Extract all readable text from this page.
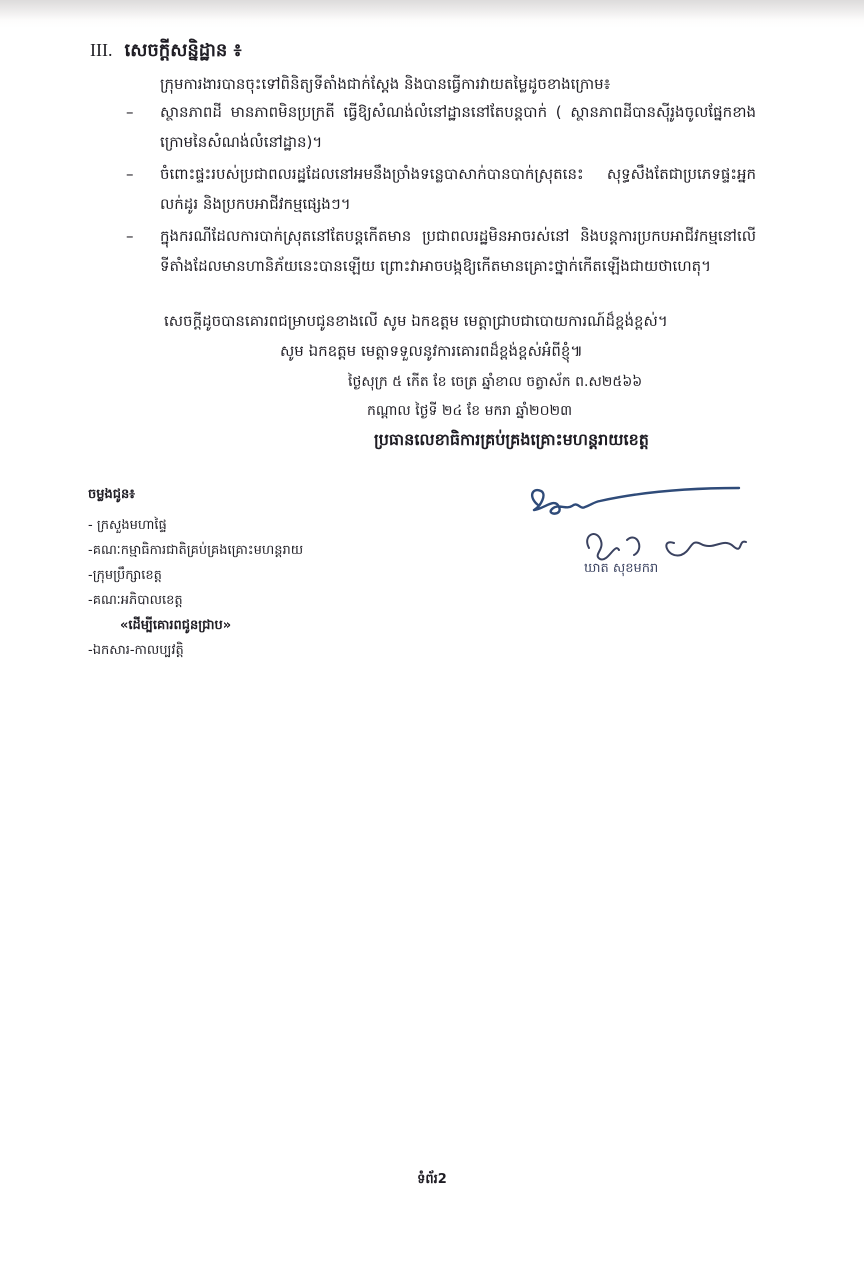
III. សេចក្តីសន្និដ្ឋាន ៖
ក្រុមការងារបានចុះទៅពិនិត្យទីតាំងជាក់ស្តែង និងបានធ្វើការវាយតម្លៃដូចខាងក្រោម៖
–	ស្ថានភាពដី មានភាពមិនប្រក្រតី ធ្វើឱ្យសំណង់លំនៅដ្ឋាននៅតែបន្តបាក់ ( ស្ថានភាពដីបានស៊ីរូងចូលផ្នែកខាងក្រោមនៃសំណង់លំនៅដ្ឋាន)។
–	ចំពោះផ្ទះរបស់ប្រជាពលរដ្ឋដែលនៅអមនឹងច្រាំងទន្លេបាសាក់បានបាក់ស្រុតនេះ សុទ្ធសឹងតែជាប្រភេទផ្ទះអ្នកលក់ដូរ និងប្រកបអាជីវកម្មផ្សេងៗ។
–	ក្នុងករណីដែលការបាក់ស្រុតនៅតែបន្តកើតមាន ប្រជាពលរដ្ឋមិនអាចរស់នៅ និងបន្តការប្រកបអាជីវកម្មនៅលើទីតាំងដែលមានហានិភ័យនេះបានឡើយ ព្រោះវាអាចបង្កឱ្យកើតមានគ្រោះថ្នាក់កើតឡើងជាយថាហេតុ។
សេចក្តីដូចបានគោរពជម្រាបជូនខាងលើ សូម ឯកឧត្តម មេត្តាជ្រាបជាបោយការណ៍ដ៏ខ្ពង់ខ្ពស់។
សូម ឯកឧត្តម មេត្តាទទួលនូវការគោរពដ៏ខ្ពង់ខ្ពស់អំពីខ្ញុំ៕
ថ្ងៃសុក្រ ៥ កើត ខែ ចេត្រ ឆ្នាំខាល ចត្វាស័ក ព.ស២៥៦៦
កណ្តាល ថ្ងៃទី ២៤ ខែ មករា ឆ្នាំ២០២៣
ប្រធានលេខាធិការគ្រប់គ្រងគ្រោះមហន្តរាយខេត្ត
ឃាត សុខមករា
ចម្លងជូន៖
- ក្រសួងមហាផ្ទៃ
-គណៈកម្មាធិការជាតិគ្រប់គ្រងគ្រោះមហន្តរាយ
-ក្រុមប្រឹក្សាខេត្ត
-គណៈអភិបាលខេត្ត
«ដើម្បីគោរពជូនជ្រាប»
-ឯកសារ-កាលប្បវត្តិ
ទំព័រ2
